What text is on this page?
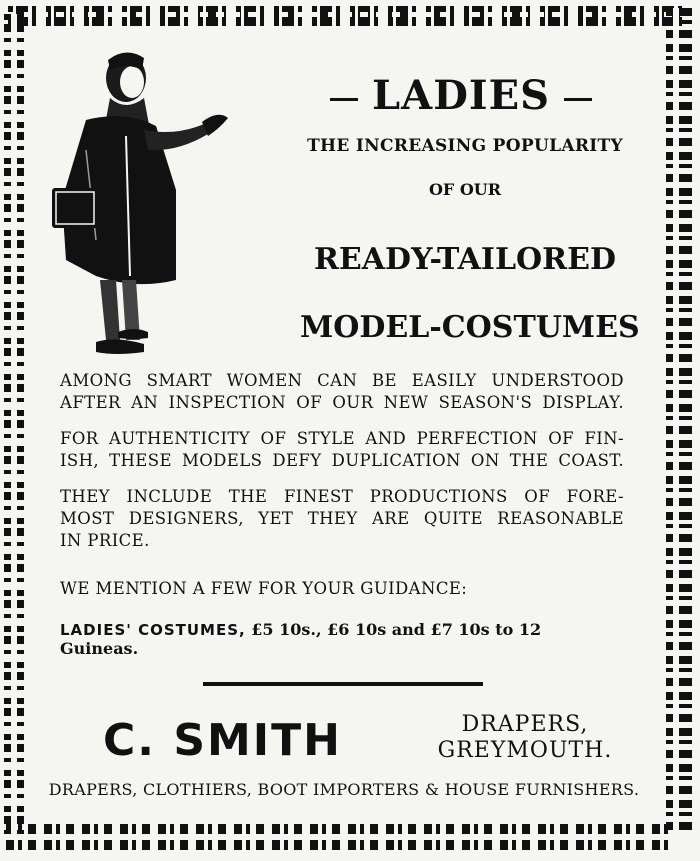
LADIES
THE INCREASING POPULARITY
OF OUR
READY-TAILORED
MODEL-COSTUMES
AMONG SMART WOMEN CAN BE EASILY UNDERSTOOD
AFTER AN INSPECTION OF OUR NEW SEASON'S DISPLAY.
FOR AUTHENTICITY OF STYLE AND PERFECTION OF FIN-
ISH, THESE MODELS DEFY DUPLICATION ON THE COAST.
THEY INCLUDE THE FINEST PRODUCTIONS OF FORE-
MOST DESIGNERS, YET THEY ARE QUITE REASONABLE
IN PRICE.
WE MENTION A FEW FOR YOUR GUIDANCE:
LADIES' COSTUMES, £5 10s., £6 10s and £7 10s to 12 Guineas.
C. SMITH	DRAPERS,
GREYMOUTH.
DRAPERS, CLOTHIERS, BOOT IMPORTERS & HOUSE FURNISHERS.
